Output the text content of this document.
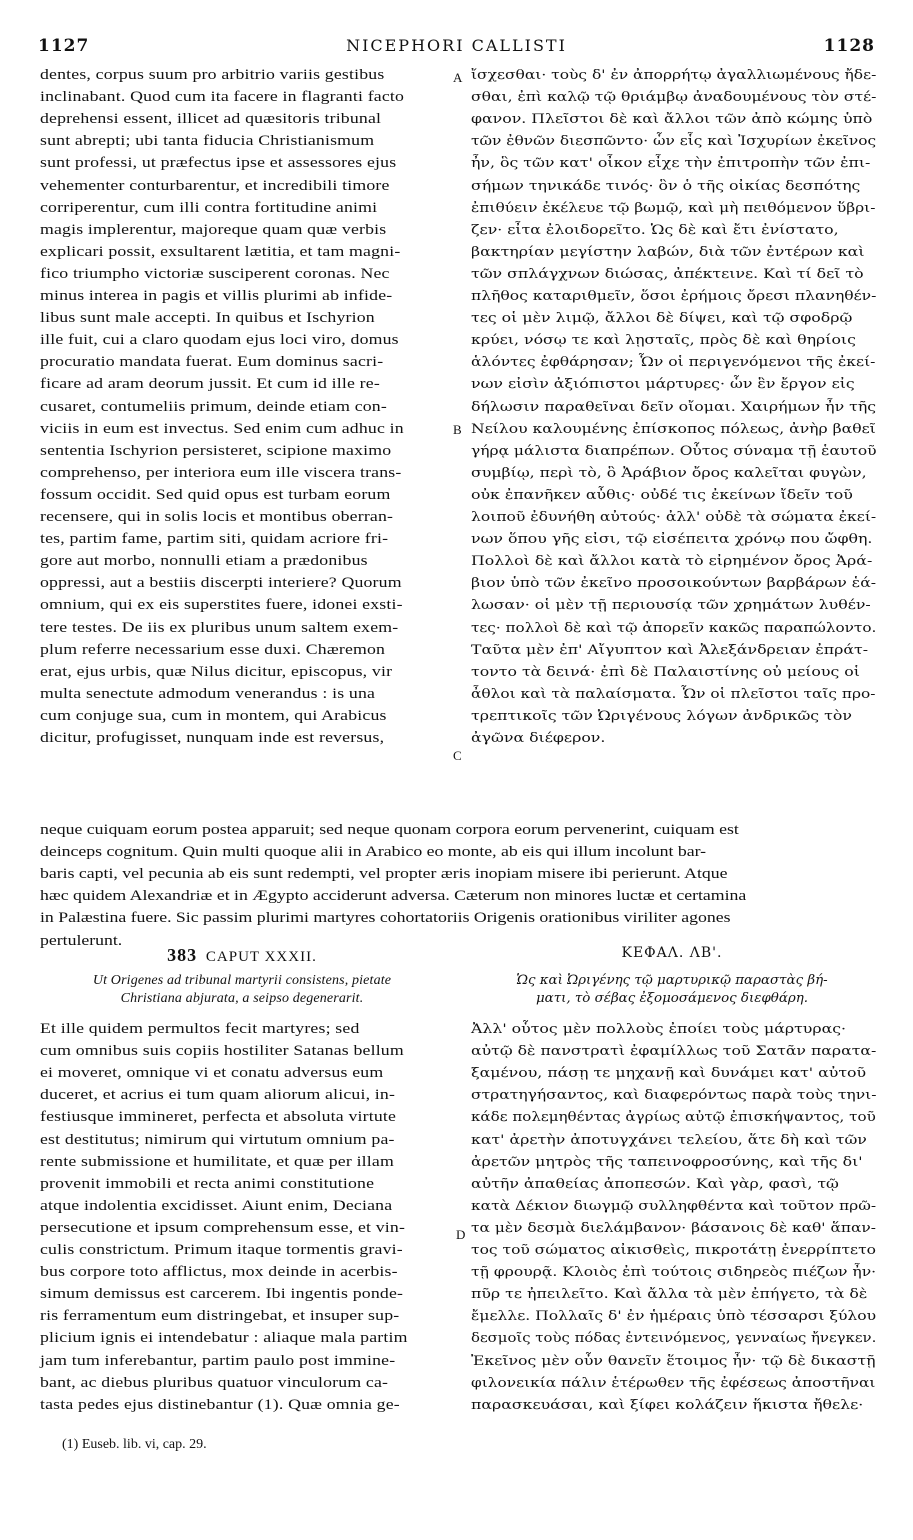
1127	NICEPHORI CALLISTI	1128
dentes, corpus suum pro arbitrio variis gestibus
inclinabant. Quod cum ita facere in flagranti facto
deprehensi essent, illicet ad quæsitoris tribunal
sunt abrepti; ubi tanta fiducia Christianismum
sunt professi, ut præfectus ipse et assessores ejus
vehementer conturbarentur, et incredibili timore
corriperentur, cum illi contra fortitudine animi
magis implerentur, majoreque quam quæ verbis
explicari possit, exsultarent lætitia, et tam magni-
fico triumpho victoriæ susciperent coronas. Nec
minus interea in pagis et villis plurimi ab infide-
libus sunt male accepti. In quibus et Ischyrion
ille fuit, cui a claro quodam ejus loci viro, domus
procuratio mandata fuerat. Eum dominus sacri-
ficare ad aram deorum jussit. Et cum id ille re-
cusaret, contumeliis primum, deinde etiam con-
viciis in eum est invectus. Sed enim cum adhuc in
sententia Ischyrion persisteret, scipione maximo
comprehenso, per interiora eum ille viscera trans-
fossum occidit. Sed quid opus est turbam eorum
recensere, qui in solis locis et montibus oberran-
tes, partim fame, partim siti, quidam acriore fri-
gore aut morbo, nonnulli etiam a prædonibus
oppressi, aut a bestiis discerpti interiere? Quorum
omnium, qui ex eis superstites fuere, idonei exsti-
tere testes. De iis ex pluribus unum saltem exem-
plum referre necessarium esse duxi. Chæremon
erat, ejus urbis, quæ Nilus dicitur, episcopus, vir
multa senectute admodum venerandus : is una
cum conjuge sua, cum in montem, qui Arabicus
dicitur, profugisset, nunquam inde est reversus,
ἴσχεσθαι· τοὺς δ' ἐν ἀπορρήτῳ ἀγαλλιωμένους ἤδε-
σθαι, ἐπὶ καλῷ τῷ θριάμβῳ ἀναδουμένους τὸν στέ-
φανον. Πλεῖστοι δὲ καὶ ἄλλοι τῶν ἀπὸ κώμης ὑπὸ
τῶν ἐθνῶν διεσπῶντο· ὧν εἷς καὶ Ἰσχυρίων ἐκεῖνος
ἦν, ὃς τῶν κατ' οἶκον εἶχε τὴν ἐπιτροπὴν τῶν ἐπι-
σήμων τηνικάδε τινός· ὃν ὁ τῆς οἰκίας δεσπότης
ἐπιθύειν ἐκέλευε τῷ βωμῷ, καὶ μὴ πειθόμενον ὕβρι-
ζεν· εἶτα ἐλοιδορεῖτο. Ὡς δὲ καὶ ἔτι ἐνίστατο,
βακτηρίαν μεγίστην λαβών, διὰ τῶν ἐντέρων καὶ
τῶν σπλάγχνων διώσας, ἀπέκτεινε. Καὶ τί δεῖ τὸ
πλῆθος καταριθμεῖν, ὅσοι ἐρήμοις ὄρεσι πλανηθέν-
τες οἱ μὲν λιμῷ, ἄλλοι δὲ δίψει, καὶ τῷ σφοδρῷ
κρύει, νόσῳ τε καὶ λῃσταῖς, πρὸς δὲ καὶ θηρίοις
ἁλόντες ἐφθάρησαν; Ὧν οἱ περιγενόμενοι τῆς ἐκεί-
νων εἰσὶν ἀξιόπιστοι μάρτυρες· ὧν ἓν ἔργον εἰς
δήλωσιν παραθεῖναι δεῖν οἴομαι. Χαιρήμων ἦν τῆς
Νείλου καλουμένης ἐπίσκοπος πόλεως, ἀνὴρ βαθεῖ
γήρᾳ μάλιστα διαπρέπων. Οὗτος σύναμα τῇ ἑαυτοῦ
συμβίῳ, περὶ τὸ, ὃ Ἀράβιον ὄρος καλεῖται φυγὼν,
οὐκ ἐπανῆκεν αὖθις· οὐδέ τις ἐκείνων ἴδεῖν τοῦ
λοιποῦ ἐδυνήθη αὐτούς· ἀλλ' οὐδὲ τὰ σώματα ἐκεί-
νων ὅπου γῆς εἰσι, τῷ εἰσέπειτα χρόνῳ που ὤφθη.
Πολλοὶ δὲ καὶ ἄλλοι κατὰ τὸ εἰρημένον ὄρος Ἀρά-
βιον ὑπὸ τῶν ἐκεῖνο προσοικούντων βαρβάρων ἑά-
λωσαν· οἱ μὲν τῇ περιουσίᾳ τῶν χρημάτων λυθέν-
τες· πολλοὶ δὲ καὶ τῷ ἀπορεῖν κακῶς παραπώλοντο.
Ταῦτα μὲν ἐπ' Αἴγυπτον καὶ Ἀλεξάνδρειαν ἐπράτ-
τοντο τὰ δεινά· ἐπὶ δὲ Παλαιστίνης οὐ μείους οἱ
ἆθλοι καὶ τὰ παλαίσματα. Ὧν οἱ πλεῖστοι ταῖς προ-
τρεπτικοῖς τῶν Ὠριγένους λόγων ἀνδρικῶς τὸν
ἀγῶνα διέφερον.
neque cuiquam eorum postea apparuit; sed neque quonam corpora eorum pervenerint, cuiquam est
deinceps cognitum. Quin multi quoque alii in Arabico eo monte, ab eis qui illum incolunt bar-
baris capti, vel pecunia ab eis sunt redempti, vel propter æris inopiam misere ibi perierunt. Atque
hæc quidem Alexandriæ et in Ægypto acciderunt adversa. Cæterum non minores luctæ et certamina
in Palæstina fuere. Sic passim plurimi martyres cohortatoriis Origenis orationibus viriliter agones
pertulerunt.
A
B
C
D
383 CAPUT XXXII.
Ut Origenes ad tribunal martyrii consistens, pietate
Christiana abjurata, a seipso degenerarit.
ΚΕΦΑΛ. ΛΒ'.
Ὡς καὶ Ὠριγένης τῷ μαρτυρικῷ παραστὰς βή-
ματι, τὸ σέβας ἐξομοσάμενος διεφθάρη.
Et ille quidem permultos fecit martyres; sed
cum omnibus suis copiis hostiliter Satanas bellum
ei moveret, omnique vi et conatu adversus eum
duceret, et acrius ei tum quam aliorum alicui, in-
festiusque immineret, perfecta et absoluta virtute
est destitutus; nimirum qui virtutum omnium pa-
rente submissione et humilitate, et quæ per illam
provenit immobili et recta animi constitutione
atque indolentia excidisset. Aiunt enim, Deciana
persecutione et ipsum comprehensum esse, et vin-
culis constrictum. Primum itaque tormentis gravi-
bus corpore toto afflictus, mox deinde in acerbis-
simum demissus est carcerem. Ibi ingentis ponde-
ris ferramentum eum distringebat, et insuper sup-
plicium ignis ei intendebatur : aliaque mala partim
jam tum inferebantur, partim paulo post immine-
bant, ac diebus pluribus quatuor vinculorum ca-
tasta pedes ejus distinebantur (1). Quæ omnia ge-
Ἀλλ' οὗτος μὲν πολλοὺς ἐποίει τοὺς μάρτυρας·
αὐτῷ δὲ πανστρατὶ ἐφαμίλλως τοῦ Σατᾶν παρατα-
ξαμένου, πάσῃ τε μηχανῇ καὶ δυνάμει κατ' αὐτοῦ
στρατηγήσαντος, καὶ διαφερόντως παρὰ τοὺς τηνι-
κάδε πολεμηθέντας ἀγρίως αὐτῷ ἐπισκήψαντος, τοῦ
κατ' ἀρετὴν ἀποτυγχάνει τελείου, ἅτε δὴ καὶ τῶν
ἀρετῶν μητρὸς τῆς ταπεινοφροσύνης, καὶ τῆς δι'
αὐτῆν ἀπαθείας ἀποπεσών. Καὶ γὰρ, φασὶ, τῷ
κατὰ Δέκιον διωγμῷ συλληφθέντα καὶ τοῦτον πρῶ-
τα μὲν δεσμὰ διελάμβανον· βάσανοις δὲ καθ' ἅπαν-
τος τοῦ σώματος αἰκισθεὶς, πικροτάτῃ ἐνερρίπτετο
τῇ φρουρᾷ. Κλοιὸς ἐπὶ τούτοις σιδηρεὸς πιέζων ἦν·
πῦρ τε ἠπειλεῖτο. Καὶ ἄλλα τὰ μὲν ἐπήγετο, τὰ δὲ
ἔμελλε. Πολλαῖς δ' ἐν ἡμέραις ὑπὸ τέσσαρσι ξύλου
δεσμοῖς τοὺς πόδας ἐντεινόμενος, γενναίως ἤνεγκεν.
Ἐκεῖνος μὲν οὖν θανεῖν ἕτοιμος ἦν· τῷ δὲ δικαστῇ
φιλονεικία πάλιν ἑτέρωθεν τῆς ἐφέσεως ἀποστῆναι
παρασκευάσαι, καὶ ξίφει κολάζειν ἥκιστα ἤθελε·
(1) Euseb. lib. vi, cap. 29.
